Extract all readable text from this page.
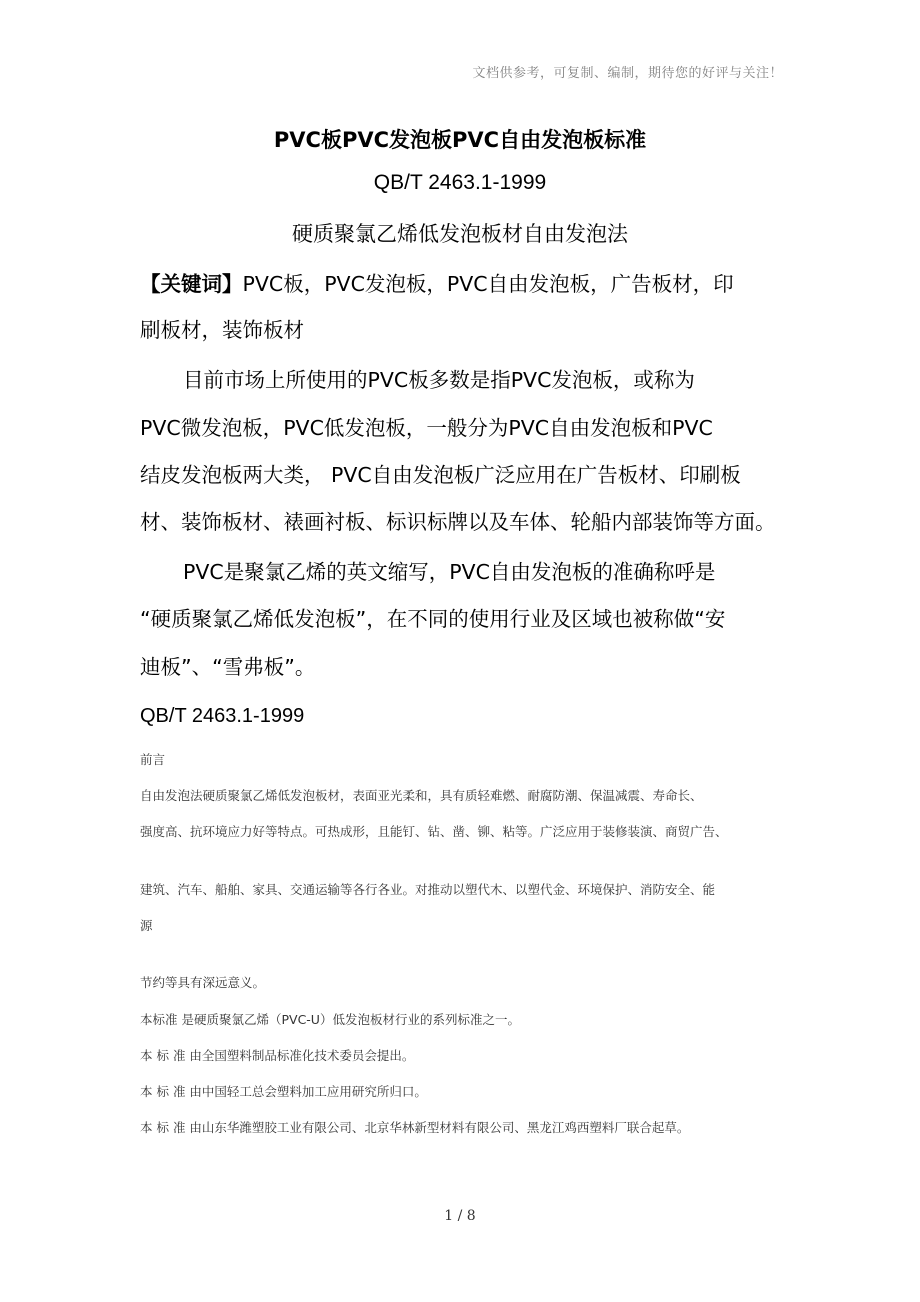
文档供参考，可复制、编制，期待您的好评与关注！
PVC板PVC发泡板PVC自由发泡板标准
QB/T 2463.1-1999
硬质聚氯乙烯低发泡板材自由发泡法
【关键词】PVC板，PVC发泡板，PVC自由发泡板，广告板材，印
刷板材，装饰板材
目前市场上所使用的PVC板多数是指PVC发泡板，或称为
PVC微发泡板，PVC低发泡板，一般分为PVC自由发泡板和PVC
结皮发泡板两大类， PVC自由发泡板广泛应用在广告板材、印刷板
材、装饰板材、裱画衬板、标识标牌以及车体、轮船内部装饰等方面。
PVC是聚氯乙烯的英文缩写，PVC自由发泡板的准确称呼是
“硬质聚氯乙烯低发泡板”，在不同的使用行业及区域也被称做“安
迪板”、“雪弗板”。
QB/T 2463.1-1999
前言
自由发泡法硬质聚氯乙烯低发泡板材，表面亚光柔和，具有质轻难燃、耐腐防潮、保温减震、寿命长、
强度高、抗环境应力好等特点。可热成形，且能钉、钻、凿、铆、粘等。广泛应用于装修装演、商贸广告、
建筑、汽车、船舶、家具、交通运输等各行各业。对推动以塑代木、以塑代金、环境保护、消防安全、能
源
节约等具有深远意义。
本标准 是硬质聚氯乙烯（PVC-U）低发泡板材行业的系列标准之一。
本 标 准 由全国塑料制品标准化技术委员会提出。
本 标 准 由中国轻工总会塑料加工应用研究所归口。
本 标 准 由山东华潍塑胶工业有限公司、北京华林新型材料有限公司、黑龙江鸡西塑料厂联合起草。
1 / 8
